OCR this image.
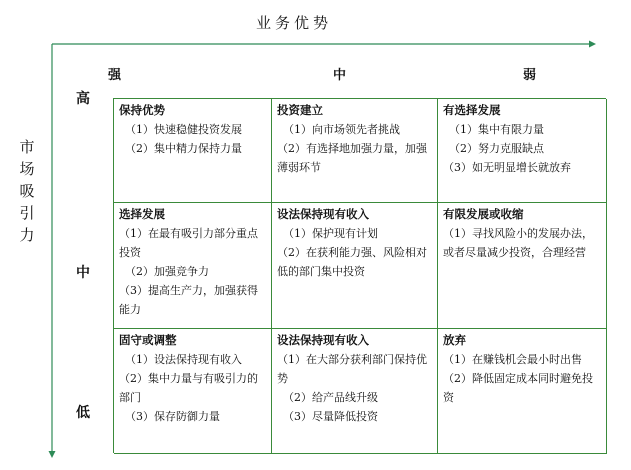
业务优势
市
场
吸
引
力
强	中	弱
高
中
低
保持优势
（1）快速稳健投资发展
（2）集中精力保持力量
投资建立
（1）向市场领先者挑战
（2）有选择地加强力量，加强薄弱环节
有选择发展
（1）集中有限力量
（2）努力克服缺点
（3）如无明显增长就放弃
选择发展
（1）在最有吸引力部分重点投资
（2）加强竞争力
（3）提高生产力，加强获得能力
设法保持现有收入
（1）保护现有计划
（2）在获利能力强、风险相对低的部门集中投资
有限发展或收缩
（1）寻找风险小的发展办法，或者尽量减少投资，合理经营
固守或调整
（1）设法保持现有收入
（2）集中力量与有吸引力的部门
（3）保存防御力量
设法保持现有收入
（1）在大部分获利部门保持优势
（2）给产品线升级
（3）尽量降低投资
放弃
（1）在赚钱机会最小时出售
（2）降低固定成本同时避免投资
